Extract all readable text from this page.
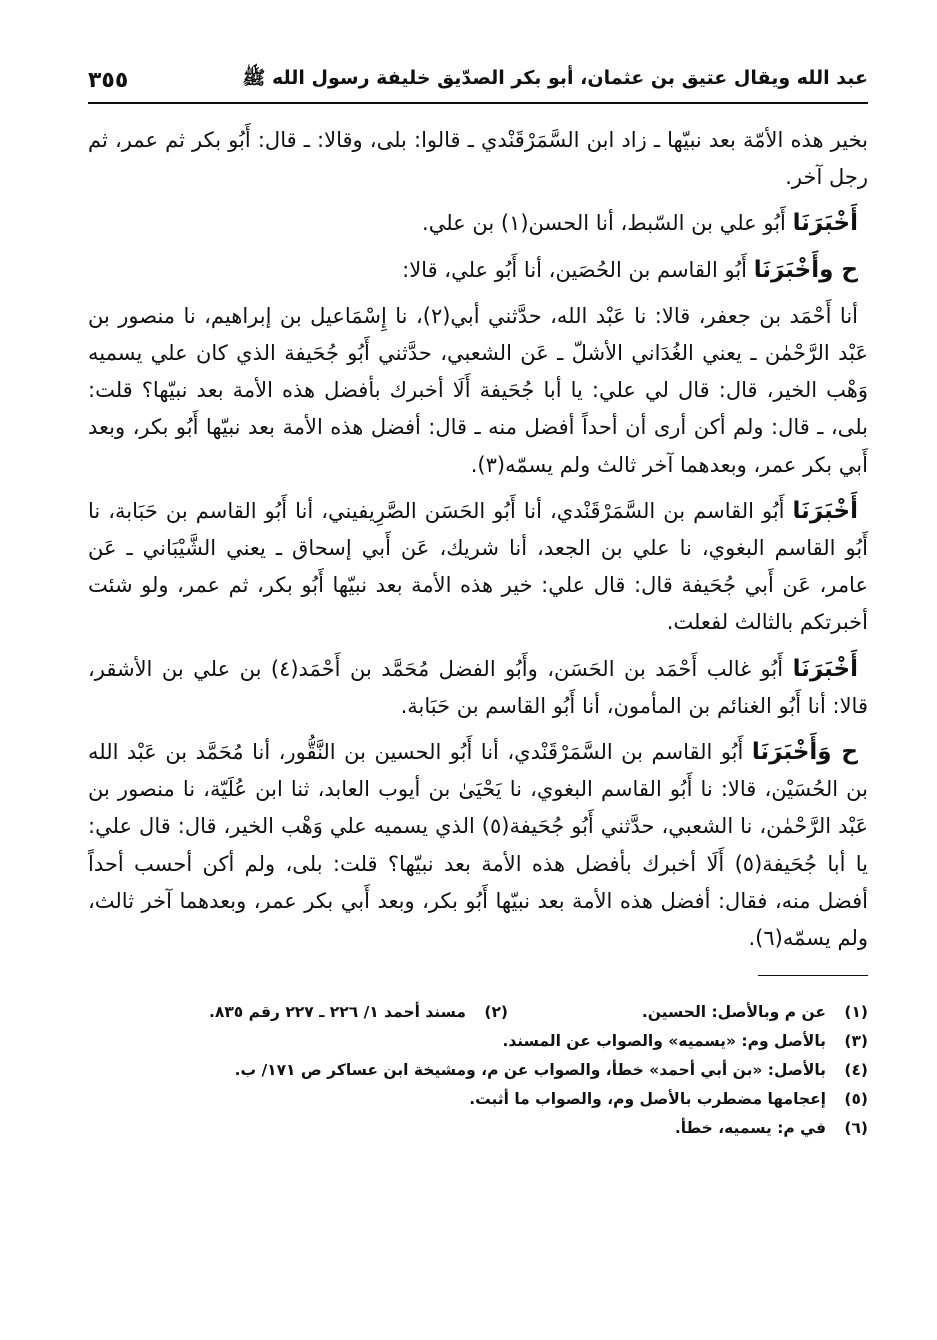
عبد الله ويقال عتيق بن عثمان، أبو بكر الصدّيق خليفة رسول الله ﷺ
٣٥٥

بخير هذه الأمّة بعد نبيّها ـ زاد ابن السَّمَرْقَنْدي ـ قالوا: بلى، وقالا: ـ قال: أَبُو بكر ثم عمر، ثم رجل آخر.

أَخْبَرَنَا أَبُو علي بن السّبط، أنا الحسن(١) بن علي.

ح وأَخْبَرَنَا أَبُو القاسم بن الحُصَين، أنا أَبُو علي، قالا:

أنا أَحْمَد بن جعفر، قالا: نا عَبْد الله، حدَّثني أبي(٢)، نا إِسْمَاعيل بن إبراهيم، نا منصور بن عَبْد الرَّحْمٰن ـ يعني الغُدَاني الأشلّ ـ عَن الشعبي، حدَّثني أَبُو جُحَيفة الذي كان علي يسميه وَهْب الخير، قال: قال لي علي: يا أبا جُحَيفة أَلَا أخبرك بأفضل هذه الأمة بعد نبيّها؟ قلت: بلى، ـ قال: ولم أكن أرى أن أحداً أفضل منه ـ قال: أفضل هذه الأمة بعد نبيّها أَبُو بكر، وبعد أَبي بكر عمر، وبعدهما آخر ثالث ولم يسمّه(٣).

أَخْبَرَنَا أَبُو القاسم بن السَّمَرْقَنْدي، أنا أَبُو الحَسَن الصَّرِيفيني، أنا أَبُو القاسم بن حَبَابة، نا أَبُو القاسم البغوي، نا علي بن الجعد، أنا شريك، عَن أَبي إسحاق ـ يعني الشَّيْبَاني ـ عَن عامر، عَن أَبي جُحَيفة قال: قال علي: خير هذه الأمة بعد نبيّها أَبُو بكر، ثم عمر، ولو شئت أخبرتكم بالثالث لفعلت.

أَخْبَرَنَا أَبُو غالب أَحْمَد بن الحَسَن، وأَبُو الفضل مُحَمَّد بن أَحْمَد(٤) بن علي بن الأشقر، قالا: أنا أَبُو الغنائم بن المأمون، أنا أَبُو القاسم بن حَبَابة.

ح وَأَخْبَرَنَا أَبُو القاسم بن السَّمَرْقَنْدي، أنا أَبُو الحسين بن النَّقُّور، أنا مُحَمَّد بن عَبْد الله بن الحُسَيْن، قالا: نا أَبُو القاسم البغوي، نا يَحْيَىٰ بن أيوب العابد، ثنا ابن عُلَيّة، نا منصور بن عَبْد الرَّحْمٰن، نا الشعبي، حدَّثني أَبُو جُحَيفة(٥) الذي يسميه علي وَهْب الخير، قال: قال علي: يا أبا جُحَيفة(٥) أَلَا أخبرك بأفضل هذه الأمة بعد نبيّها؟ قلت: بلى، ولم أكن أحسب أحداً أفضل منه، فقال: أفضل هذه الأمة بعد نبيّها أَبُو بكر، وبعد أَبي بكر عمر، وبعدهما آخر ثالث، ولم يسمّه(٦).

(١)
عن م وبالأصل: الحسين.
(٢)
مسند أحمد ١/ ٢٢٦ ـ ٢٢٧ رقم ٨٣٥.
(٣)
بالأصل وم: «يسميه» والصواب عن المسند.
(٤)
بالأصل: «بن أبي أحمد» خطأ، والصواب عن م، ومشيخة ابن عساكر ص ١٧١/ ب.
(٥)
إعجامها مضطرب بالأصل وم، والصواب ما أثبت.
(٦)
في م: يسميه، خطأ.
